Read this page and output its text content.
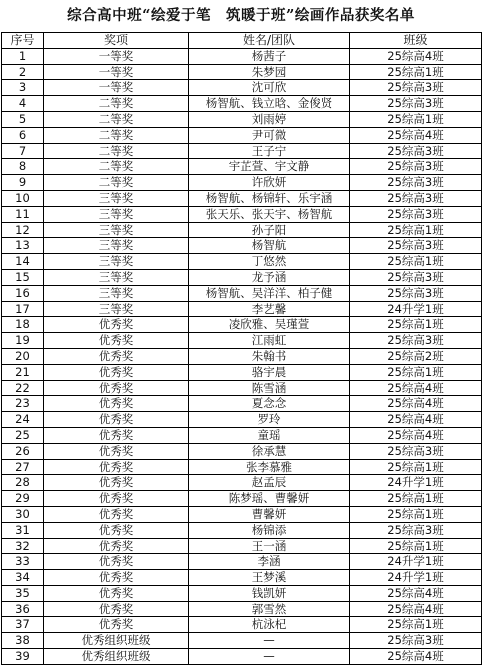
综合高中班“绘爱于笔　筑暖于班”绘画作品获奖名单
序号	奖项	姓名/团队	班级
1	一等奖	杨茜子	25综高4班
2	一等奖	朱梦园	25综高1班
3	一等奖	沈可欣	25综高3班
4	二等奖	杨智航、钱立晗、金俊贤	25综高3班
5	二等奖	刘雨婷	25综高1班
6	二等奖	尹可微	25综高4班
7	二等奖	王子宁	25综高3班
8	二等奖	宇芷萱、宇文静	25综高3班
9	二等奖	许欣妍	25综高3班
10	三等奖	杨智航、杨锦轩、乐宇涵	25综高3班
11	三等奖	张天乐、张天宇、杨智航	25综高3班
12	三等奖	孙子阳	25综高1班
13	三等奖	杨智航	25综高3班
14	三等奖	丁悠然	25综高1班
15	三等奖	龙予涵	25综高3班
16	三等奖	杨智航、吴洋洋、柏子健	25综高3班
17	三等奖	李艺馨	24升学1班
18	优秀奖	凌欣雅、吴瑾萱	25综高1班
19	优秀奖	江雨虹	25综高3班
20	优秀奖	朱翰书	25综高2班
21	优秀奖	骆宇晨	25综高1班
22	优秀奖	陈雪涵	25综高4班
23	优秀奖	夏念念	25综高4班
24	优秀奖	罗玲	25综高4班
25	优秀奖	童瑶	25综高4班
26	优秀奖	徐承慧	25综高3班
27	优秀奖	张李慕雅	25综高1班
28	优秀奖	赵孟辰	24升学1班
29	优秀奖	陈梦瑶、曹馨妍	25综高1班
30	优秀奖	曹馨妍	25综高1班
31	优秀奖	杨锦添	25综高3班
32	优秀奖	王一涵	25综高1班
33	优秀奖	李涵	24升学1班
34	优秀奖	王梦溪	24升学1班
35	优秀奖	钱凯妍	25综高4班
36	优秀奖	郭雪然	25综高4班
37	优秀奖	杭泳杞	25综高1班
38	优秀组织班级	—	25综高3班
39	优秀组织班级	—	25综高4班
